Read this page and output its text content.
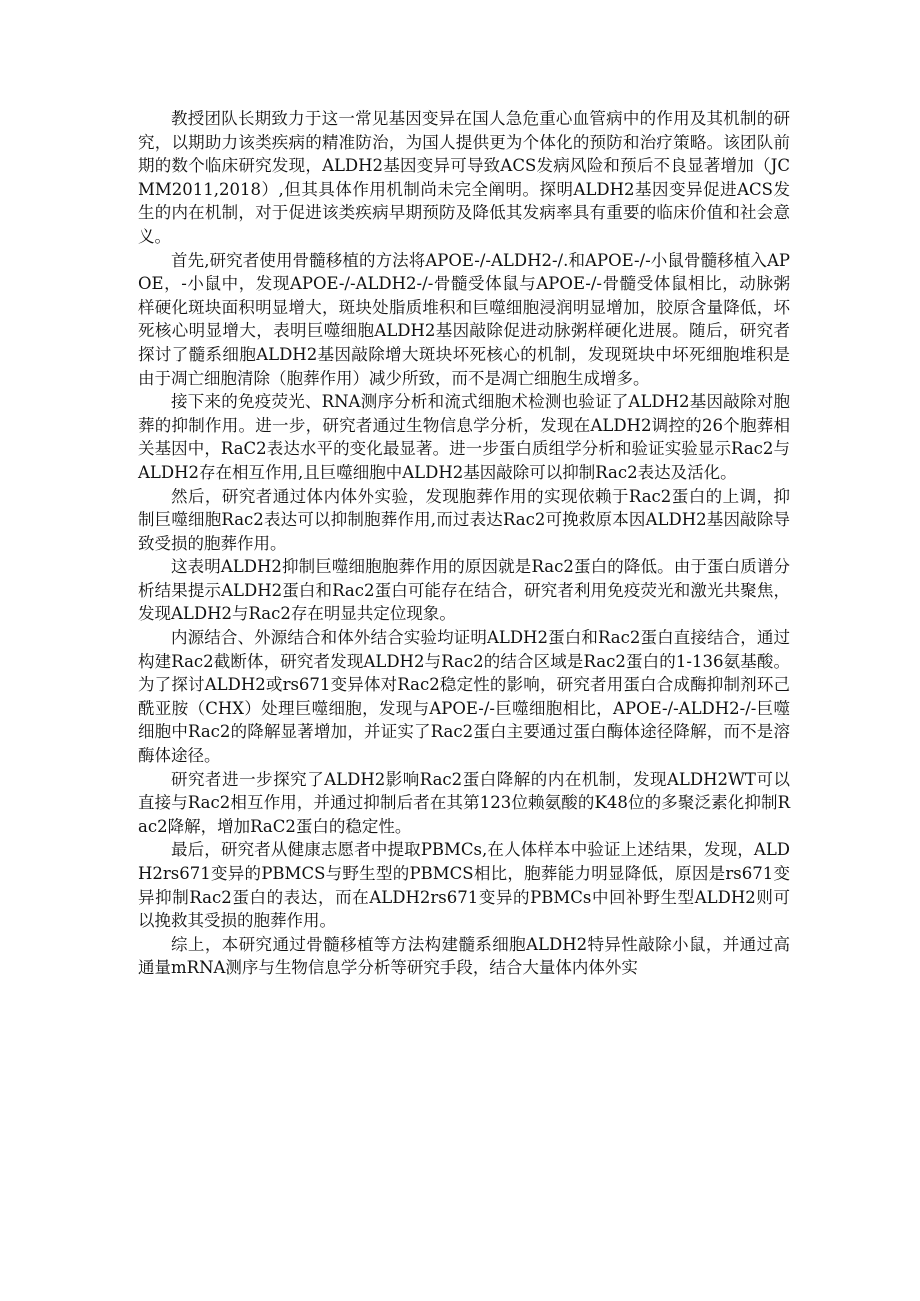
教授团队长期致力于这一常见基因变异在国人急危重心血管病中的作用及其机制的研究，以期助力该类疾病的精准防治，为国人提供更为个体化的预防和治疗策略。该团队前期的数个临床研究发现，ALDH2基因变异可导致ACS发病风险和预后不良显著增加（JCMM2011,2018）,但其具体作用机制尚未完全阐明。探明ALDH2基因变异促进ACS发生的内在机制，对于促进该类疾病早期预防及降低其发病率具有重要的临床价值和社会意义。

首先,研究者使用骨髓移植的方法将APOE-/-ALDH2-/.和APOE-/-小鼠骨髓移植入APOE，-小鼠中，发现APOE-/-ALDH2-/-骨髓受体鼠与APOE-/-骨髓受体鼠相比，动脉粥样硬化斑块面积明显增大，斑块处脂质堆积和巨噬细胞浸润明显增加，胶原含量降低，坏死核心明显增大，表明巨噬细胞ALDH2基因敲除促进动脉粥样硬化进展。随后，研究者探讨了髓系细胞ALDH2基因敲除增大斑块坏死核心的机制，发现斑块中坏死细胞堆积是由于凋亡细胞清除（胞葬作用）减少所致，而不是凋亡细胞生成增多。

接下来的免疫荧光、RNA测序分析和流式细胞术检测也验证了ALDH2基因敲除对胞葬的抑制作用。进一步，研究者通过生物信息学分析，发现在ALDH2调控的26个胞葬相关基因中，RaC2表达水平的变化最显著。进一步蛋白质组学分析和验证实验显示Rac2与ALDH2存在相互作用,且巨噬细胞中ALDH2基因敲除可以抑制Rac2表达及活化。

然后，研究者通过体内体外实验，发现胞葬作用的实现依赖于Rac2蛋白的上调，抑制巨噬细胞Rac2表达可以抑制胞葬作用,而过表达Rac2可挽救原本因ALDH2基因敲除导致受损的胞葬作用。

这表明ALDH2抑制巨噬细胞胞葬作用的原因就是Rac2蛋白的降低。由于蛋白质谱分析结果提示ALDH2蛋白和Rac2蛋白可能存在结合，研究者利用免疫荧光和激光共聚焦，发现ALDH2与Rac2存在明显共定位现象。

内源结合、外源结合和体外结合实验均证明ALDH2蛋白和Rac2蛋白直接结合，通过构建Rac2截断体，研究者发现ALDH2与Rac2的结合区域是Rac2蛋白的1-136氨基酸。为了探讨ALDH2或rs671变异体对Rac2稳定性的影响，研究者用蛋白合成酶抑制剂环己酰亚胺（CHX）处理巨噬细胞，发现与APOE-/-巨噬细胞相比，APOE-/-ALDH2-/-巨噬细胞中Rac2的降解显著增加，并证实了Rac2蛋白主要通过蛋白酶体途径降解，而不是溶酶体途径。

研究者进一步探究了ALDH2影响Rac2蛋白降解的内在机制，发现ALDH2WT可以直接与Rac2相互作用，并通过抑制后者在其第123位赖氨酸的K48位的多聚泛素化抑制Rac2降解，增加RaC2蛋白的稳定性。

最后，研究者从健康志愿者中提取PBMCs,在人体样本中验证上述结果，发现，ALDH2rs671变异的PBMCS与野生型的PBMCS相比，胞葬能力明显降低，原因是rs671变异抑制Rac2蛋白的表达，而在ALDH2rs671变异的PBMCs中回补野生型ALDH2则可以挽救其受损的胞葬作用。

综上，本研究通过骨髓移植等方法构建髓系细胞ALDH2特异性敲除小鼠，并通过高通量mRNA测序与生物信息学分析等研究手段，结合大量体内体外实
